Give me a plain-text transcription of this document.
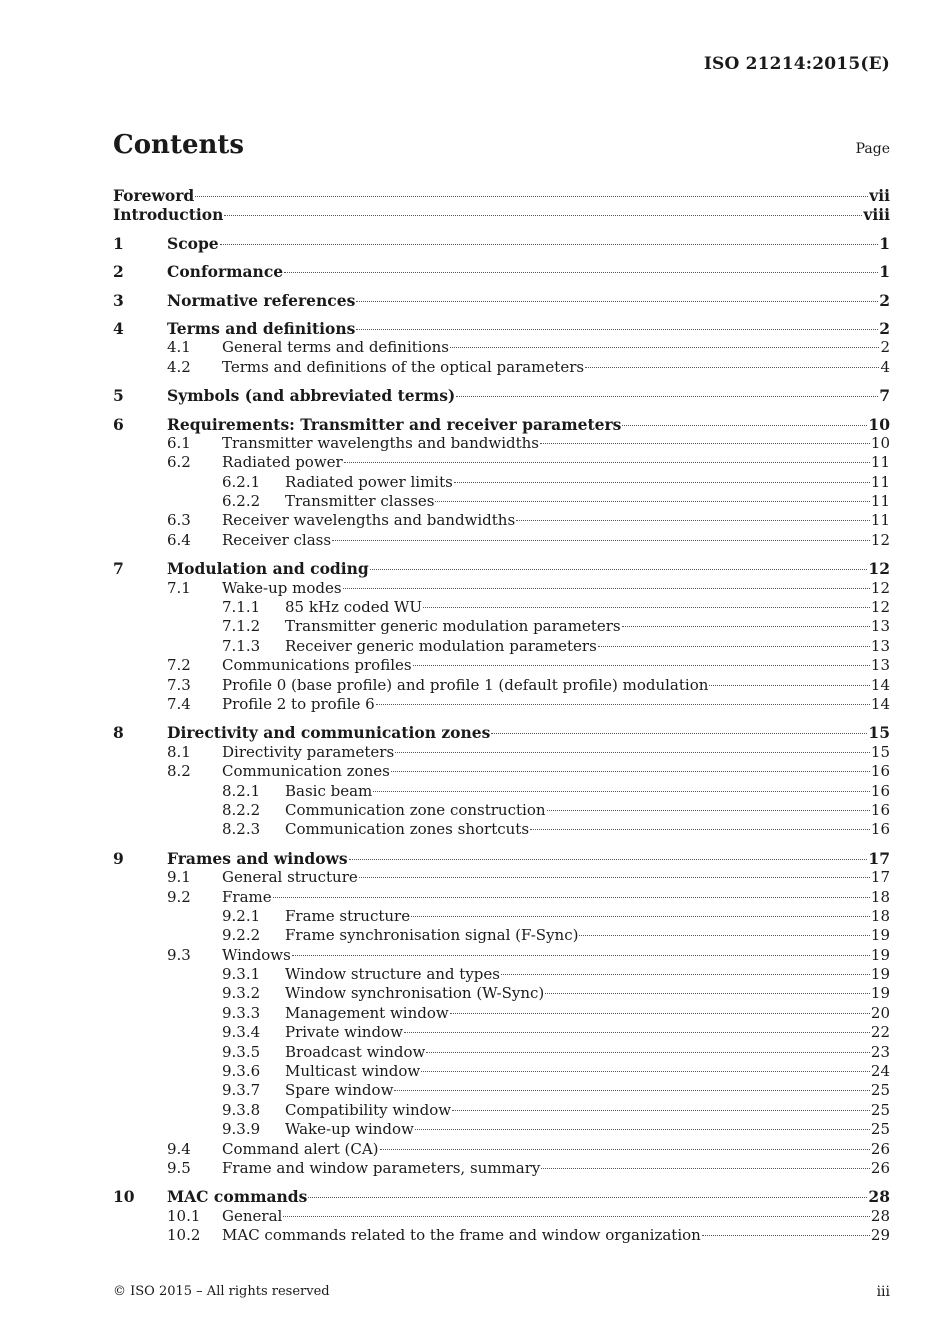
ISO 21214:2015(E)
Contents	Page
Foreword	vii
Introduction	viii
1	Scope	1
2	Conformance	1
3	Normative references	2
4	Terms and definitions	2
4.1	General terms and definitions	2
4.2	Terms and definitions of the optical parameters	4
5	Symbols (and abbreviated terms)	7
6	Requirements: Transmitter and receiver parameters	10
6.1	Transmitter wavelengths and bandwidths	10
6.2	Radiated power	11
6.2.1	Radiated power limits	11
6.2.2	Transmitter classes	11
6.3	Receiver wavelengths and bandwidths	11
6.4	Receiver class	12
7	Modulation and coding	12
7.1	Wake-up modes	12
7.1.1	85 kHz coded WU	12
7.1.2	Transmitter generic modulation parameters	13
7.1.3	Receiver generic modulation parameters	13
7.2	Communications profiles	13
7.3	Profile 0 (base profile) and profile 1 (default profile) modulation	14
7.4	Profile 2 to profile 6	14
8	Directivity and communication zones	15
8.1	Directivity parameters	15
8.2	Communication zones	16
8.2.1	Basic beam	16
8.2.2	Communication zone construction	16
8.2.3	Communication zones shortcuts	16
9	Frames and windows	17
9.1	General structure	17
9.2	Frame	18
9.2.1	Frame structure	18
9.2.2	Frame synchronisation signal (F-Sync)	19
9.3	Windows	19
9.3.1	Window structure and types	19
9.3.2	Window synchronisation (W-Sync)	19
9.3.3	Management window	20
9.3.4	Private window	22
9.3.5	Broadcast window	23
9.3.6	Multicast window	24
9.3.7	Spare window	25
9.3.8	Compatibility window	25
9.3.9	Wake-up window	25
9.4	Command alert (CA)	26
9.5	Frame and window parameters, summary	26
10	MAC commands	28
10.1	General	28
10.2	MAC commands related to the frame and window organization	29
© ISO 2015 – All rights reserved	iii
